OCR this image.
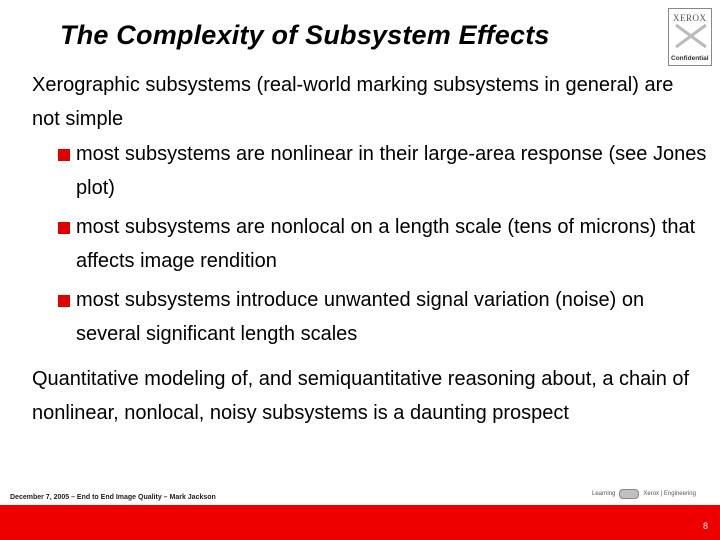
The Complexity of Subsystem Effects
XEROX
Confidential
Xerographic subsystems (real-world marking subsystems in general) are not simple
most subsystems are nonlinear in their large-area response (see Jones plot)
most subsystems are nonlocal on a length scale (tens of microns) that affects image rendition
most subsystems introduce unwanted signal variation (noise) on several significant length scales
Quantitative modeling of, and semiquantitative reasoning about, a chain of nonlinear, nonlocal, noisy subsystems is a daunting prospect
December 7, 2005 – End to End Image Quality – Mark Jackson	Learning	Xerox | Engineering
8
